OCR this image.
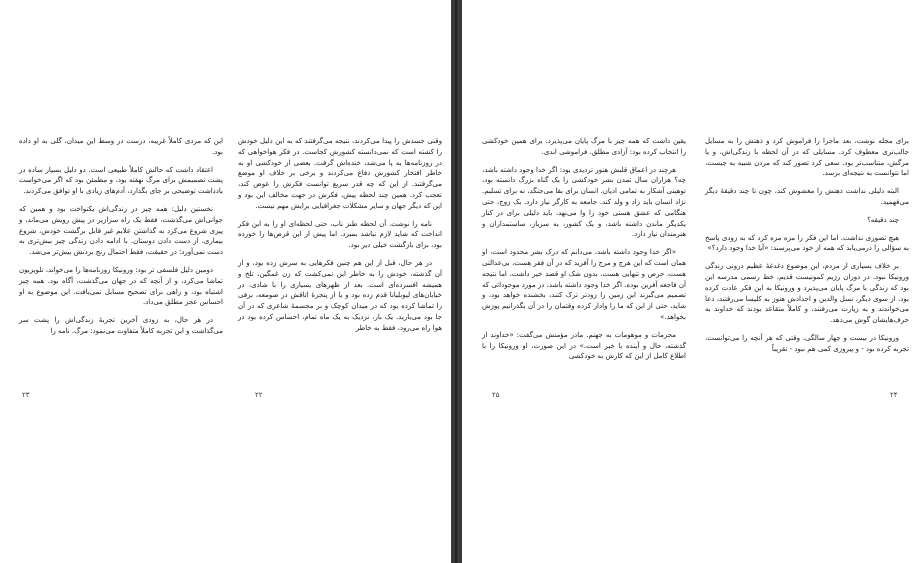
این که مردی کاملاً غریبه، درست در وسط این میدان، گلی به او داده بود.

اعتقاد داشت که حالش کاملاً طبیعی است. دو دلیل بسیار ساده در پشت تصمیمش برای مرگ نهفته بود، و مطمئن بود که اگر می‌خواست یادداشت توضیحی بر جای بگذارد، آدم‌های زیادی با او توافق می‌کردند.

نخستین دلیل: همه چیز در زندگی‌اش یکنواخت بود و همین که جوانی‌اش می‌گذشت، فقط یک راه سرازیر در پیش رویش می‌ماند، و پیری شروع می‌کرد به گذاشتن علایم غیر قابل برگشت خودش، شروع بیماری، از دست دادن دوستان. با ادامه دادن زندگی چیز بیش‌تری به دست نمی‌آورد؛ در حقیقت، فقط احتمال رنج بردنش بیش‌تر می‌شد.

دومین دلیل فلسفی تر بود: ورونیکا روزنامه‌ها را می‌خواند، تلویزیون تماشا می‌کرد، و از آنچه که در جهان می‌گذشت، آگاه بود. همه چیز اشتباه بود، و راهی برای تصحیح مسایل نمی‌یافت. این موضوع به او احساس عجز مطلق می‌داد.

در هر حال، به زودی آخرین تجربهٔ زندگی‌اش را پشت سر می‌گذاشت و این تجربه کاملاً متفاوت می‌نمود: مرگ. نامه را

۲۳

وقتی جسدش را پیدا می‌کردند، نتیجه می‌گرفتند که به این دلیل خودش را کشته است که نمی‌دانسته کشورش کجاست. در فکر هواخواهی که در روزنامه‌ها به پا می‌شد، خنده‌اش گرفت. بعضی از خودکشی او به خاطر افتخار کشورش دفاع می‌کردند و برخی بر خلاف او موضع می‌گرفتند. از این که چه قدر سریع توانست فکرش را عوض کند، تعجب کرد. همین چند لحظه پیش، فکرش در جهت مخالف این بود و این که دیگر جهان و سایر مشکلات جغرافیایی برایش مهم نیست.

نامه را نوشت. آن لحظه طنز ناب، حتی لحظه‌ای او را به این فکر انداخت که شاید لازم نباشد بمیرد. اما پیش از این قرص‌ها را خورده بود، برای بازگشت خیلی دیر بود.

در هر حال، قبل از این هم چنین فکرهایی به سرش زده بود، و از آن گذشته، خودش را به خاطر این نمی‌کشت که زن غمگین، تلخ و همیشه افسرده‌ای است. بعد از ظهرهای بسیاری را با شادی، در خیابان‌های لیوبلیانا قدم زده بود و یا از پنجرهٔ اتاقش در صومعه، برفی را تماشا کرده بود که در میدان کوچک و بر مجسمهٔ شاعری که در آن جا بود می‌بارید. یک بار، نزدیک به یک ماه تمام، احساس کرده بود در هوا راه می‌رود، فقط به خاطر

۲۲

یقین داشت که همه چیز با مرگ پایان می‌پذیرد. برای همین خودکشی را انتخاب کرده بود: آزادی مطلق. فراموشی ابدی.

هرچند در اعماق قلبش هنوز تردیدی بود: اگر خدا وجود داشته باشد، چه؟ هزاران سال تمدن بشر خودکشی را یک گناه بزرگ دانسته بود، توهینی آشکار به تمامی ادیان. انسان برای بقا می‌جنگد، نه برای تسلیم. نژاد انسان باید زاد و ولد کند. جامعه به کارگر نیاز دارد. یک زوج، حتی هنگامی که عشق هستی خود را وا می‌نهد، باید دلیلی برای در کنار یکدیگر ماندن داشته باشد، و یک کشور، به سرباز، ساستمداران و هنرمندان نیاز دارد.

«اگر خدا وجود داشته باشد، می‌دانم که درک بشر محدود است، او همان است که این هرج و مرج را آفرید که در آن فقر هست، بی‌عدالتی هست، حرص و تنهایی هست. بدون شک او قصد خیر داشت، اما نتیجه آن فاجعه آفرین بوده. اگر خدا وجود داشته باشد، در مورد موجوداتی که تصمیم می‌گیرند این زمین را زودتر ترک کنند، بخشنده خواهد بود، و شاید، حتی از این که ما را وادار کرده وقتمان را در آن بگذرانیم پوزش بخواهد.»

محرمات و موهومات به جهنم. مادر مؤمنش می‌گفت: «خداوند از گذشته، حال و آینده با خبر است.» در این صورت، او ورونیکا را با اطلاع کامل از این که کارش به خودکشی

۲۵

برای مجله نوشت، بعد ماجرا را فراموش کرد و ذهنش را به مسایل جالب‌تری معطوف کرد. مسایلی که در آن لحظه با زندگی‌اش، و یا مرگش، متناسب‌تر بود. سعی کرد تصور کند که مردن شبیه به چیست، اما نتوانست به نتیجه‌ای برسد.

البته دلیلی نداشت ذهنش را مغشوش کند، چون تا چند دقیقهٔ دیگر می‌فهمید.

چند دقیقه؟

هیچ تصوری نداشت. اما این فکر را مزه مزه کرد که به زودی پاسخ به سؤالی را درمی‌یابد که همه از خود می‌پرسند: «آیا خدا وجود دارد؟»

بر خلاف بسیاری از مردم، این موضوع دغدغهٔ عظیم درونی زندگی ورونیکا نبود. در دوران رژیم کمونیست قدیم، خط رسمی مدرسه این بود که زندگی با مرگ پایان می‌پذیرد و ورونیکا به این فکر عادت کرده بود. از سوی دیگر، نسل والدین و اجدادش هنوز به کلیسا می‌رفتند، دعا می‌خواندند و به زیارت می‌رفتند، و کاملاً متقاعد بودند که خداوند به حرف‌هایشان گوش می‌دهد.

ورونیکا در بیست و چهار سالگی، وقتی که هر آنچه را می‌توانست، تجربه کرده بود - و پیروزی کمی هم نبود - تقریباً

۲۴
